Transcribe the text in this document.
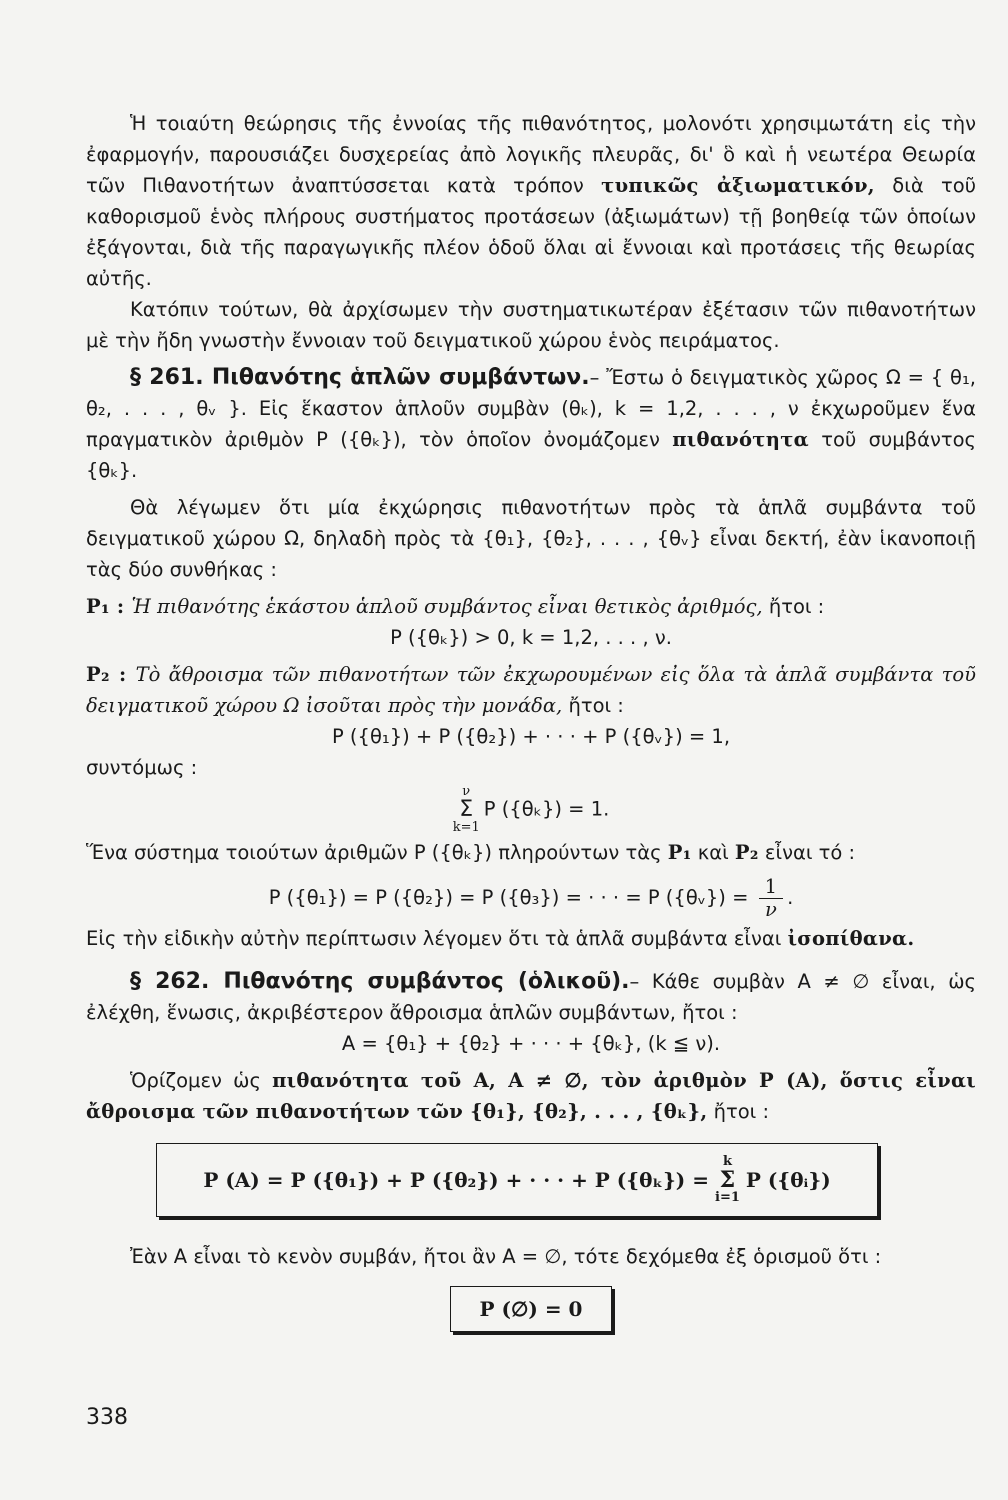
Ἡ τοιαύτη θεώρησις τῆς ἐννοίας τῆς πιθανότητος, μολονότι χρησιμωτάτη εἰς τὴν ἐφαρμογήν, παρουσιάζει δυσχερείας ἀπὸ λογικῆς πλευρᾶς, δι' ὃ καὶ ἡ νεωτέρα Θεωρία τῶν Πιθανοτήτων ἀναπτύσσεται κατὰ τρόπον τυπικῶς ἀξιωματικόν, διὰ τοῦ καθορισμοῦ ἑνὸς πλήρους συστήματος προτάσεων (ἀξιωμάτων) τῇ βοηθείᾳ τῶν ὁποίων ἐξάγονται, διὰ τῆς παραγωγικῆς πλέον ὁδοῦ ὅλαι αἱ ἔννοιαι καὶ προτάσεις τῆς θεωρίας αὐτῆς.

Κατόπιν τούτων, θὰ ἀρχίσωμεν τὴν συστηματικωτέραν ἐξέτασιν τῶν πιθανοτήτων μὲ τὴν ἤδη γνωστὴν ἔννοιαν τοῦ δειγματικοῦ χώρου ἑνὸς πειράματος.

§ 261. Πιθανότης ἁπλῶν συμβάντων.– Ἔστω ὁ δειγματικὸς χῶρος Ω = { θ₁, θ₂, . . . , θᵥ }. Εἰς ἕκαστον ἁπλοῦν συμβὰν (θₖ), k = 1,2, . . . , ν ἐκχωροῦμεν ἕνα πραγματικὸν ἀριθμὸν P ({θₖ}), τὸν ὁποῖον ὀνομάζομεν πιθανότητα τοῦ συμβάντος {θₖ}.

Θὰ λέγωμεν ὅτι μία ἐκχώρησις πιθανοτήτων πρὸς τὰ ἁπλᾶ συμβάντα τοῦ δειγματικοῦ χώρου Ω, δηλαδὴ πρὸς τὰ {θ₁}, {θ₂}, . . . , {θᵥ} εἶναι δεκτή, ἐὰν ἱκανοποιῇ τὰς δύο συνθήκας :

P₁ : Ἡ πιθανότης ἑκάστου ἁπλοῦ συμβάντος εἶναι θετικὸς ἀριθμός, ἤτοι :

P ({θₖ}) > 0, k = 1,2, . . . , ν.

P₂ : Τὸ ἄθροισμα τῶν πιθανοτήτων τῶν ἐκχωρουμένων εἰς ὅλα τὰ ἁπλᾶ συμβάντα τοῦ δειγματικοῦ χώρου Ω ἰσοῦται πρὸς τὴν μονάδα, ἤτοι :

P ({θ₁}) + P ({θ₂}) + · · · + P ({θᵥ}) = 1,

συντόμως :

ν
Σ
k=1
P ({θₖ}) = 1.

Ἕνα σύστημα τοιούτων ἀριθμῶν P ({θₖ}) πληρούντων τὰς P₁ καὶ P₂ εἶναι τό :

P ({θ₁}) = P ({θ₂}) = P ({θ₃}) = · · · = P ({θᵥ}) = $\frac{1}{\nu}$ .

Εἰς τὴν εἰδικὴν αὐτὴν περίπτωσιν λέγομεν ὅτι τὰ ἁπλᾶ συμβάντα εἶναι ἰσοπίθανα.

§ 262. Πιθανότης συμβάντος (ὁλικοῦ).– Κάθε συμβὰν A ≠ ∅ εἶναι, ὡς ἐλέχθη, ἕνωσις, ἀκριβέστερον ἄθροισμα ἁπλῶν συμβάντων, ἤτοι :

A = {θ₁} + {θ₂} + · · · + {θₖ}, (k ≦ ν).

Ὁρίζομεν ὡς πιθανότητα τοῦ A, A ≠ ∅, τὸν ἀριθμὸν P (A), ὅστις εἶναι ἄθροισμα τῶν πιθανοτήτων τῶν {θ₁}, {θ₂}, . . . , {θₖ}, ἤτοι :

P (A) = P ({θ₁}) + P ({θ₂}) + · · · + P ({θₖ}) =
k
Σ
i=1
P ({θᵢ})

Ἐὰν A εἶναι τὸ κενὸν συμβάν, ἤτοι ἂν A = ∅, τότε δεχόμεθα ἐξ ὁρισμοῦ ὅτι :

P (∅) = 0
338
